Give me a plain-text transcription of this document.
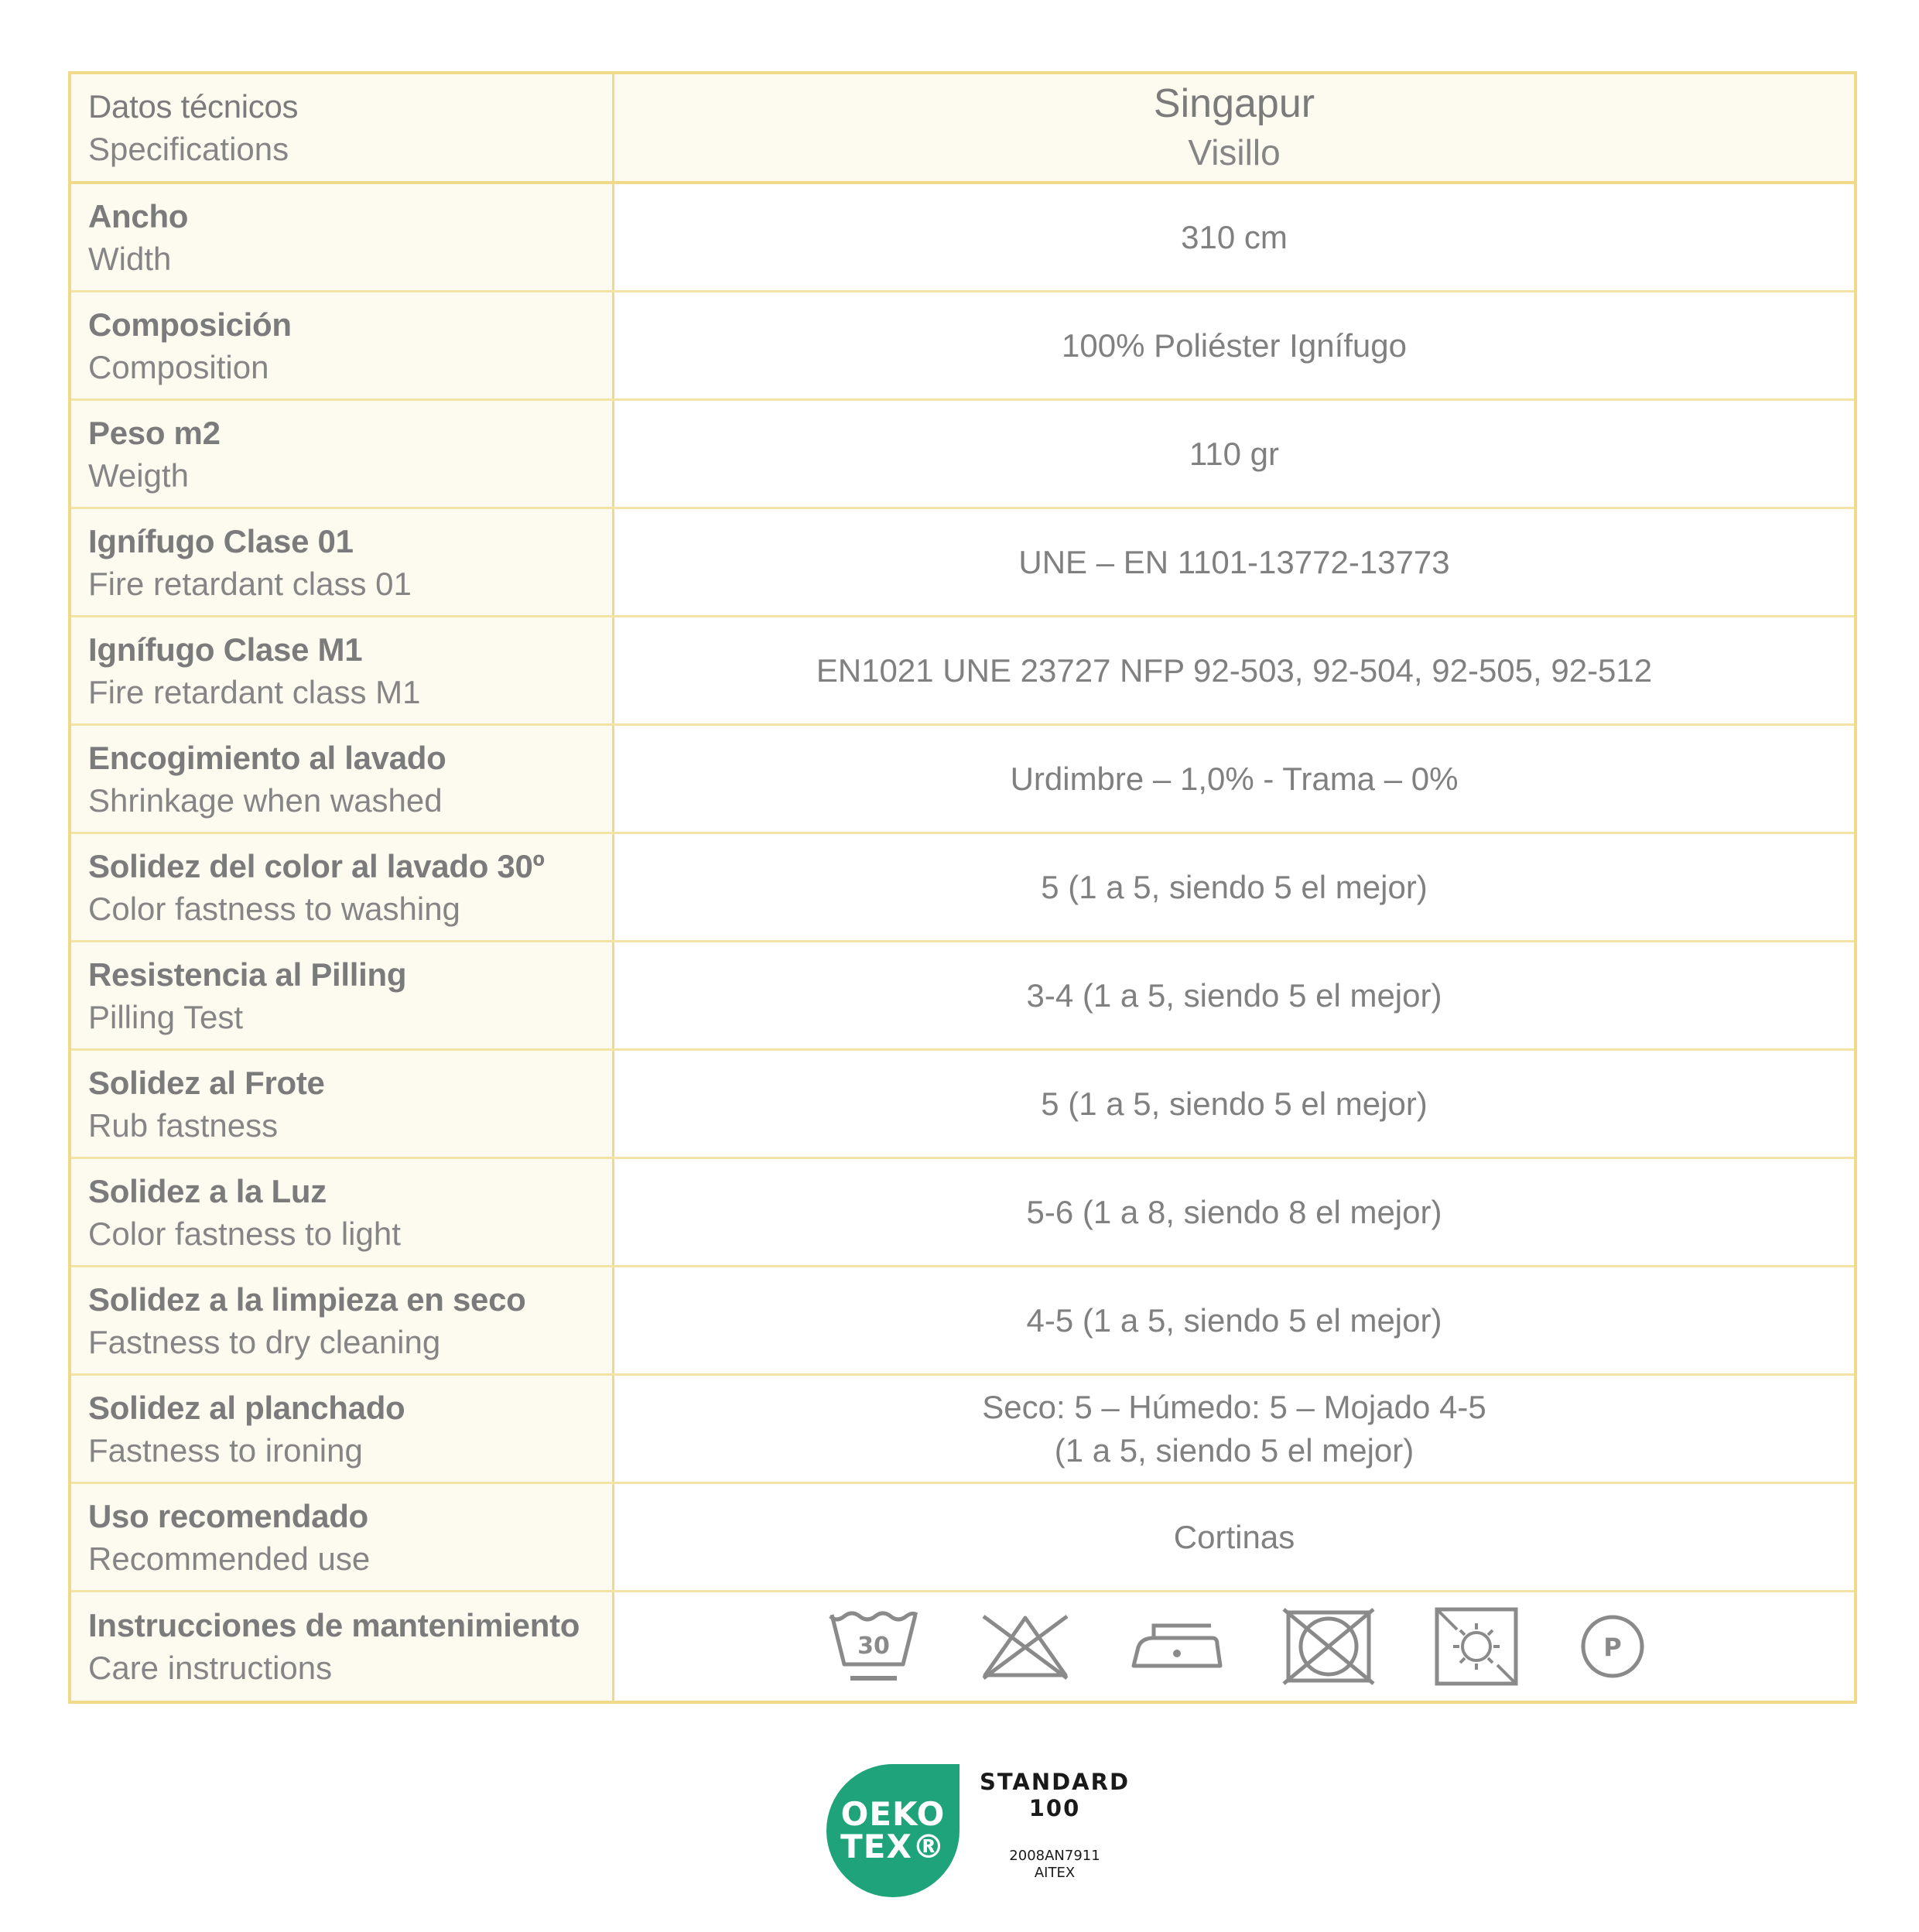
Datos técnicos
Specifications
Singapur
Visillo
Ancho
Width
310 cm
Composición
Composition
100% Poliéster Ignífugo
Peso m2
Weigth
110 gr
Ignífugo Clase 01
Fire retardant class 01
UNE – EN 1101-13772-13773
Ignífugo Clase M1
Fire retardant class M1
EN1021 UNE 23727 NFP 92-503, 92-504, 92-505, 92-512
Encogimiento al lavado
Shrinkage when washed
Urdimbre – 1,0% - Trama – 0%
Solidez del color al lavado 30º
Color fastness to washing
5 (1 a 5, siendo 5 el mejor)
Resistencia al Pilling
Pilling Test
3-4 (1 a 5, siendo 5 el mejor)
Solidez al Frote
Rub fastness
5 (1 a 5, siendo 5 el mejor)
Solidez a la Luz
Color fastness to light
5-6 (1 a 8, siendo 8 el mejor)
Solidez a la limpieza en seco
Fastness to dry cleaning
4-5 (1 a 5, siendo 5 el mejor)
Solidez al planchado
Fastness to ironing
Seco: 5 – Húmedo: 5 – Mojado 4-5
(1 a 5, siendo 5 el mejor)
Uso recomendado
Recommended use
Cortinas
Instrucciones de mantenimiento
Care instructions
30	P
OEKO
TEX®
STANDARD
100
2008AN7911
AITEX
